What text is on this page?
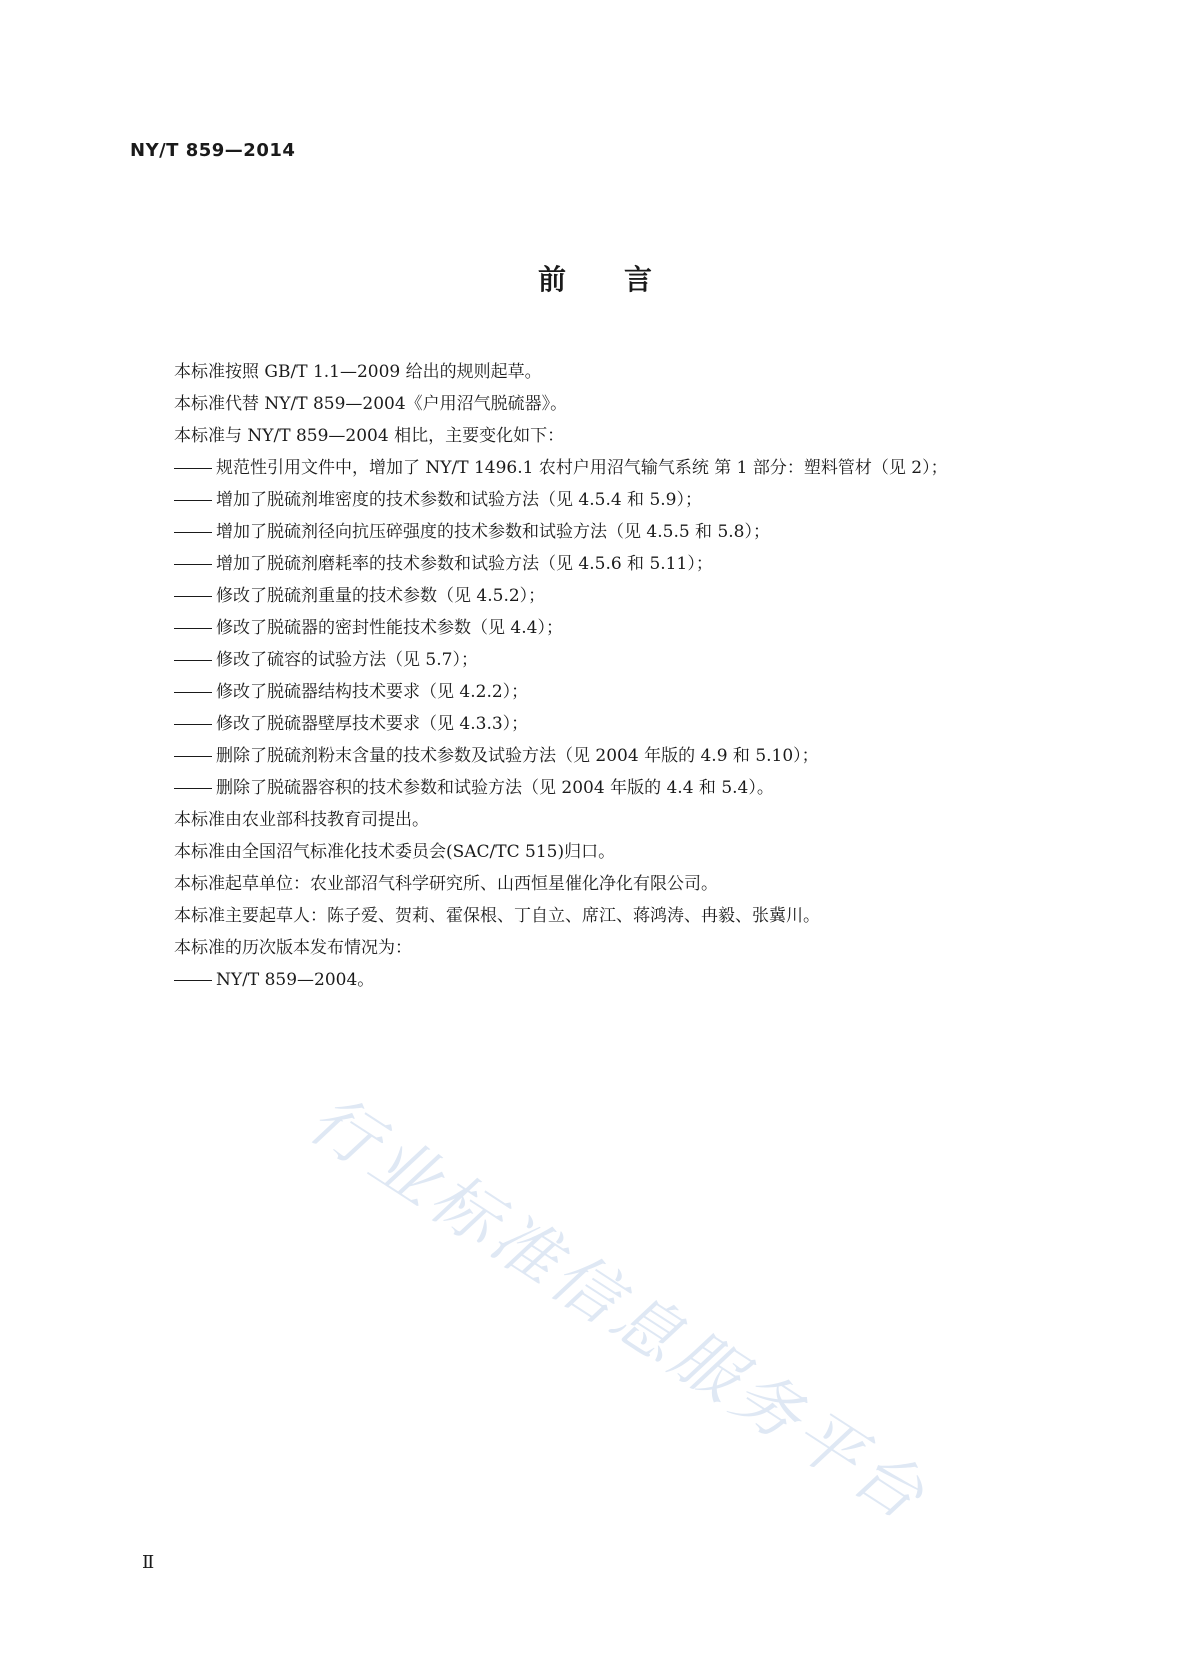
NY/T 859—2014
前言
本标准按照 GB/T 1.1—2009 给出的规则起草。
本标准代替 NY/T 859—2004《户用沼气脱硫器》。
本标准与 NY/T 859—2004 相比，主要变化如下：
规范性引用文件中，增加了 NY/T 1496.1 农村户用沼气输气系统 第 1 部分：塑料管材（见 2）；
增加了脱硫剂堆密度的技术参数和试验方法（见 4.5.4 和 5.9）；
增加了脱硫剂径向抗压碎强度的技术参数和试验方法（见 4.5.5 和 5.8）；
增加了脱硫剂磨耗率的技术参数和试验方法（见 4.5.6 和 5.11）；
修改了脱硫剂重量的技术参数（见 4.5.2）；
修改了脱硫器的密封性能技术参数（见 4.4）；
修改了硫容的试验方法（见 5.7）；
修改了脱硫器结构技术要求（见 4.2.2）；
修改了脱硫器壁厚技术要求（见 4.3.3）；
删除了脱硫剂粉末含量的技术参数及试验方法（见 2004 年版的 4.9 和 5.10）；
删除了脱硫器容积的技术参数和试验方法（见 2004 年版的 4.4 和 5.4）。
本标准由农业部科技教育司提出。
本标准由全国沼气标准化技术委员会(SAC/TC 515)归口。
本标准起草单位：农业部沼气科学研究所、山西恒星催化净化有限公司。
本标准主要起草人：陈子爱、贺莉、霍保根、丁自立、席江、蒋鸿涛、冉毅、张冀川。
本标准的历次版本发布情况为：
NY/T 859—2004。
行业标准信息服务平台
Ⅱ
